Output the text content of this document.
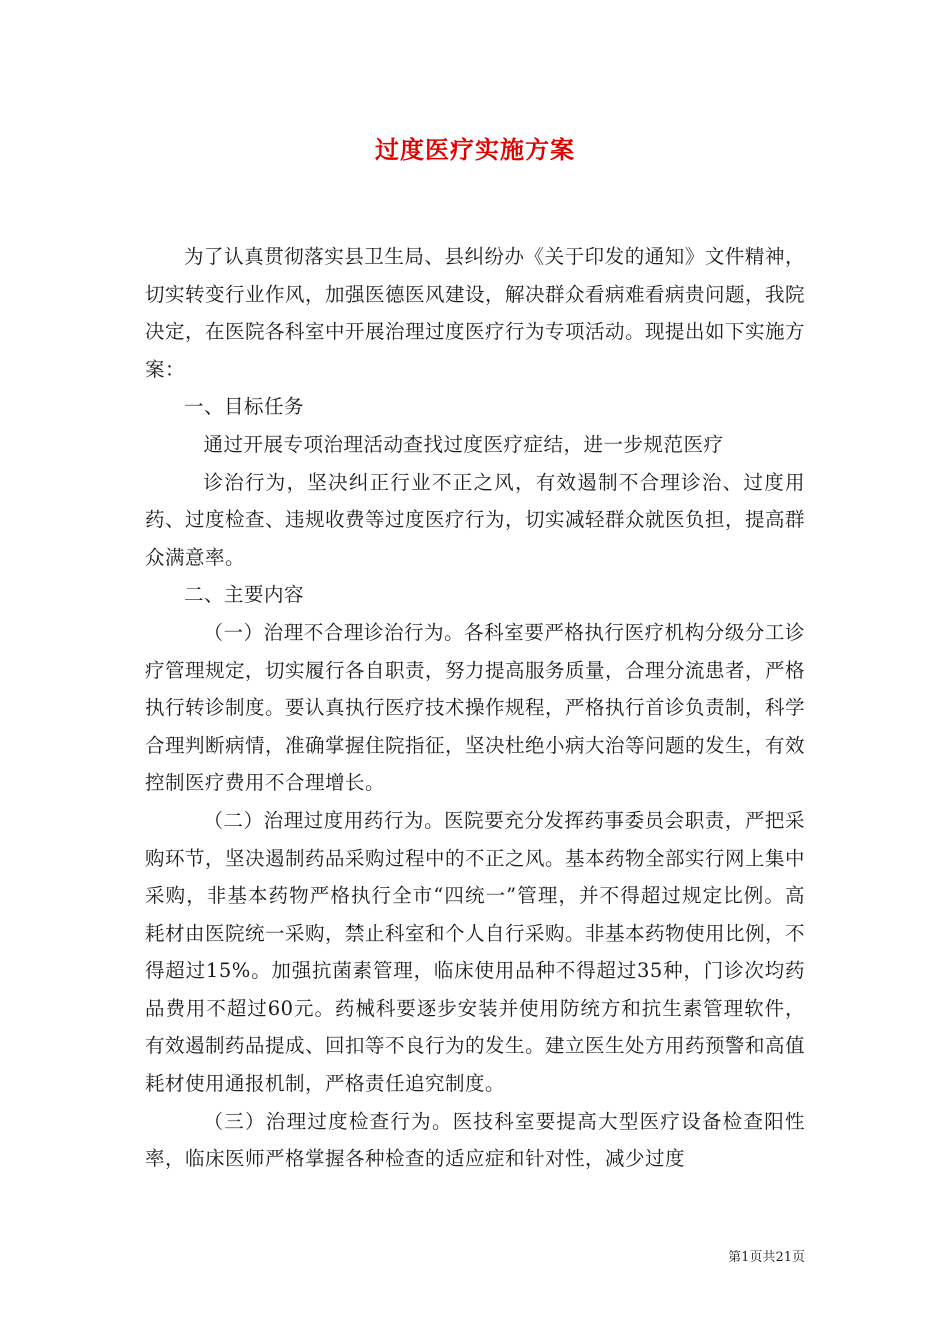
过度医疗实施方案

为了认真贯彻落实县卫生局、县纠纷办《关于印发的通知》文件精神，切实转变行业作风，加强医德医风建设，解决群众看病难看病贵问题，我院决定，在医院各科室中开展治理过度医疗行为专项活动。现提出如下实施方案：

一、目标任务

通过开展专项治理活动查找过度医疗症结，进一步规范医疗

诊治行为，坚决纠正行业不正之风，有效遏制不合理诊治、过度用药、过度检查、违规收费等过度医疗行为，切实减轻群众就医负担，提高群众满意率。

二、主要内容

（一）治理不合理诊治行为。各科室要严格执行医疗机构分级分工诊疗管理规定，切实履行各自职责，努力提高服务质量，合理分流患者，严格执行转诊制度。要认真执行医疗技术操作规程，严格执行首诊负责制，科学合理判断病情，准确掌握住院指征，坚决杜绝小病大治等问题的发生，有效控制医疗费用不合理增长。

（二）治理过度用药行为。医院要充分发挥药事委员会职责，严把采购环节，坚决遏制药品采购过程中的不正之风。基本药物全部实行网上集中采购，非基本药物严格执行全市“四统一”管理，并不得超过规定比例。高耗材由医院统一采购，禁止科室和个人自行采购。非基本药物使用比例，不得超过15%。加强抗菌素管理，临床使用品种不得超过35种，门诊次均药品费用不超过60元。药械科要逐步安装并使用防统方和抗生素管理软件，有效遏制药品提成、回扣等不良行为的发生。建立医生处方用药预警和高值耗材使用通报机制，严格责任追究制度。

（三）治理过度检查行为。医技科室要提高大型医疗设备检查阳性率，临床医师严格掌握各种检查的适应症和针对性，减少过度

第1页共21页
